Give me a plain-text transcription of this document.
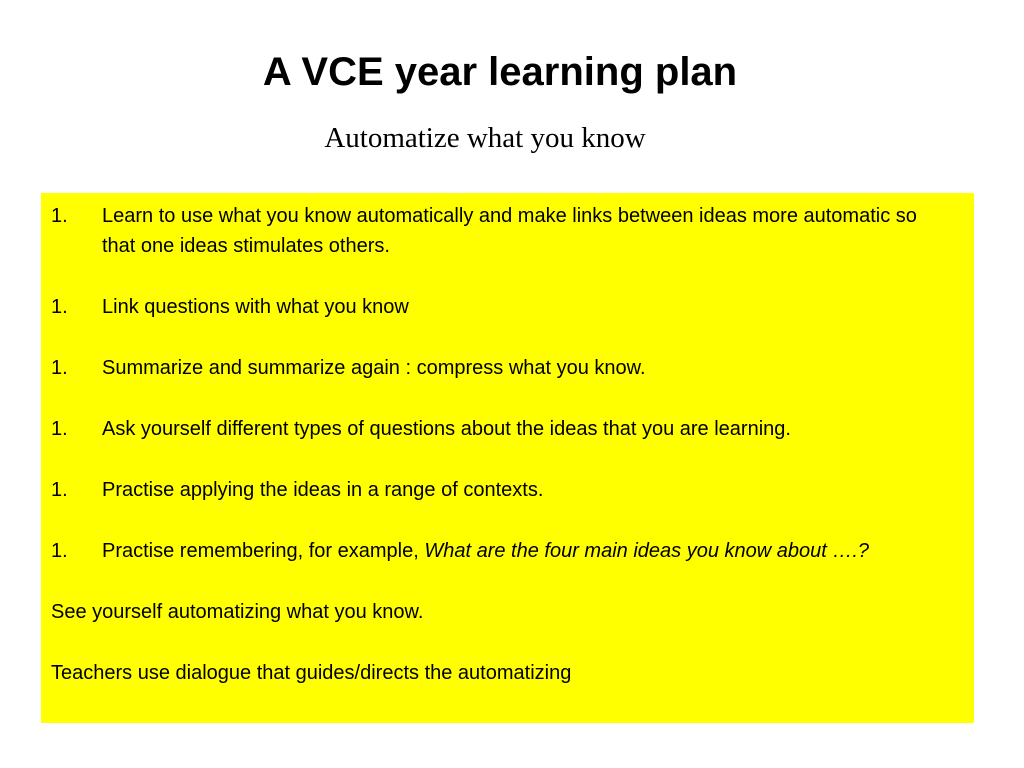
A VCE year learning plan
Automatize what you know
1.	Learn to use what you know automatically and make links between ideas more automatic so that one ideas stimulates others.
1.	Link questions with what you know
1.	Summarize and summarize again : compress what you know.
1.	Ask yourself different types of questions about the ideas that you are learning.
1.	Practise applying the ideas in a range of contexts.
1.	Practise remembering, for example, What are the four main ideas you know about ….?
See yourself automatizing what you know.
Teachers use dialogue that guides/directs the automatizing
